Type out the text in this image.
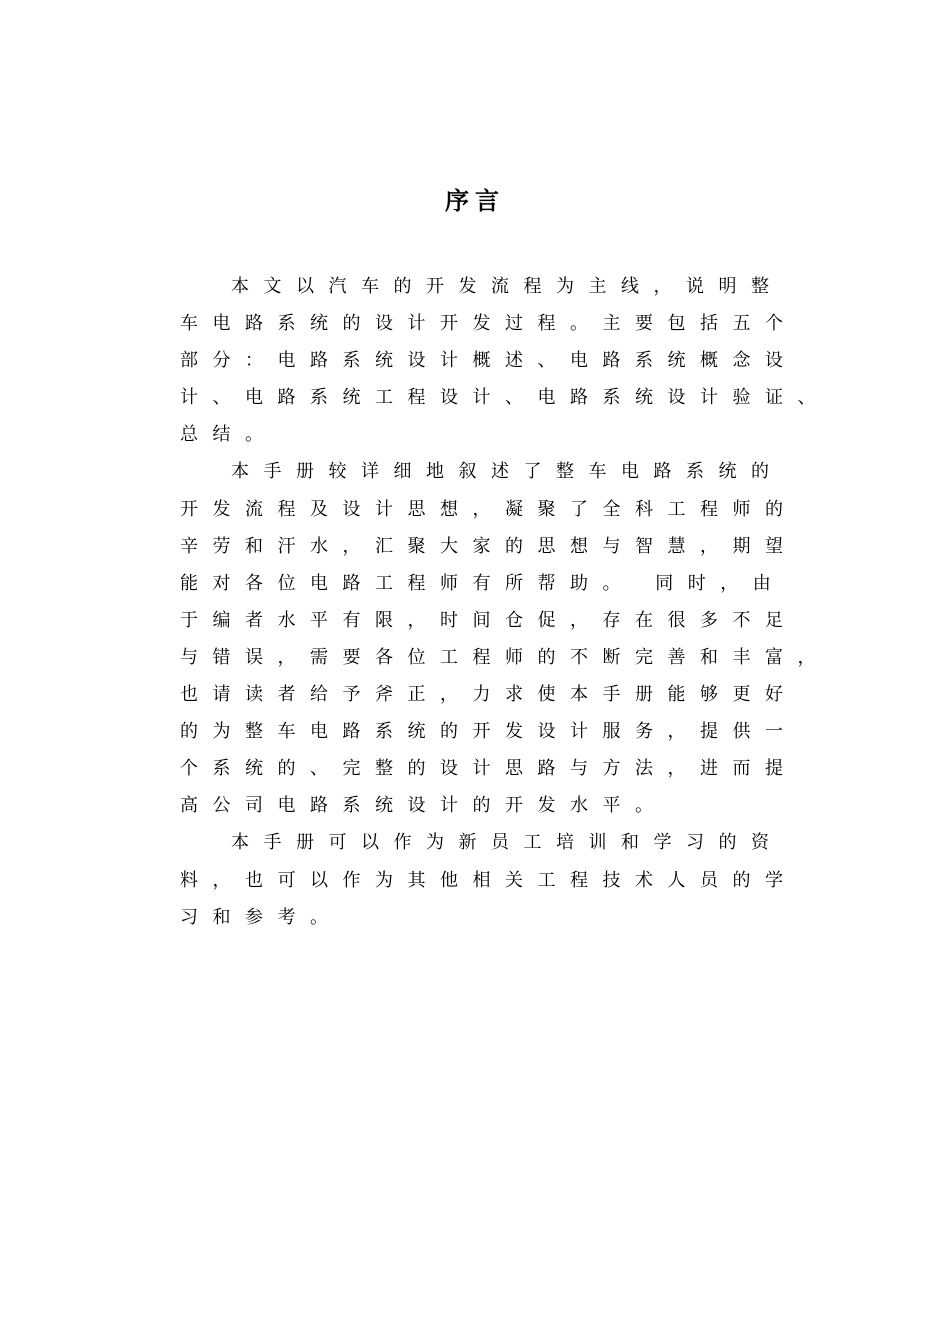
序言
本文以汽车的开发流程为主线，说明整
车电路系统的设计开发过程。主要包括五个
部分：电路系统设计概述、电路系统概念设
计、电路系统工程设计、电路系统设计验证、
总结。
本手册较详细地叙述了整车电路系统的
开发流程及设计思想，凝聚了全科工程师的
辛劳和汗水，汇聚大家的思想与智慧，期望
能对各位电路工程师有所帮助。 同时，由
于编者水平有限，时间仓促，存在很多不足
与错误，需要各位工程师的不断完善和丰富，
也请读者给予斧正，力求使本手册能够更好
的为整车电路系统的开发设计服务，提供一
个系统的、完整的设计思路与方法，进而提
高公司电路系统设计的开发水平。
本手册可以作为新员工培训和学习的资
料，也可以作为其他相关工程技术人员的学
习和参考。
